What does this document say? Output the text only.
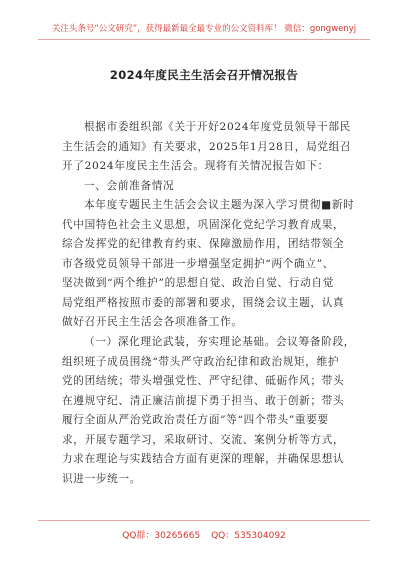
关注头条号“公文研究”，获得最新最全最专业的公文资料库！ 微信：gongwenyj
2024年度民主生活会召开情况报告
根据市委组织部《关于开好2024年度党员领导干部民
主生活会的通知》有关要求，2025年1月28日，局党组召
开了2024年度民主生活会。现将有关情况报告如下：
一、会前准备情况
本年度专题民主生活会会议主题为深入学习贯彻■新时
代中国特色社会主义思想，巩固深化党纪学习教育成果，
综合发挥党的纪律教育约束、保障激励作用，团结带领全
市各级党员领导干部进一步增强坚定拥护“两个确立”、
坚决做到“两个维护”的思想自觉、政治自觉、行动自觉
局党组严格按照市委的部署和要求，围绕会议主题，认真
做好召开民主生活会各项准备工作。
（一）深化理论武装，夯实理论基础。会议筹备阶段，
组织班子成员围绕“带头严守政治纪律和政治规矩，维护
党的团结统；带头增强党性、严守纪律、砥砺作风；带头
在遵规守纪、清正廉洁前提下勇于担当、敢于创新；带头
履行全面从严治党政治责任方面”等“四个带头”重要要
求，开展专题学习，采取研讨、交流、案例分析等方式，
力求在理论与实践结合方面有更深的理解，并确保思想认
识进一步统一。
QQ群：30265665 QQ：535304092
